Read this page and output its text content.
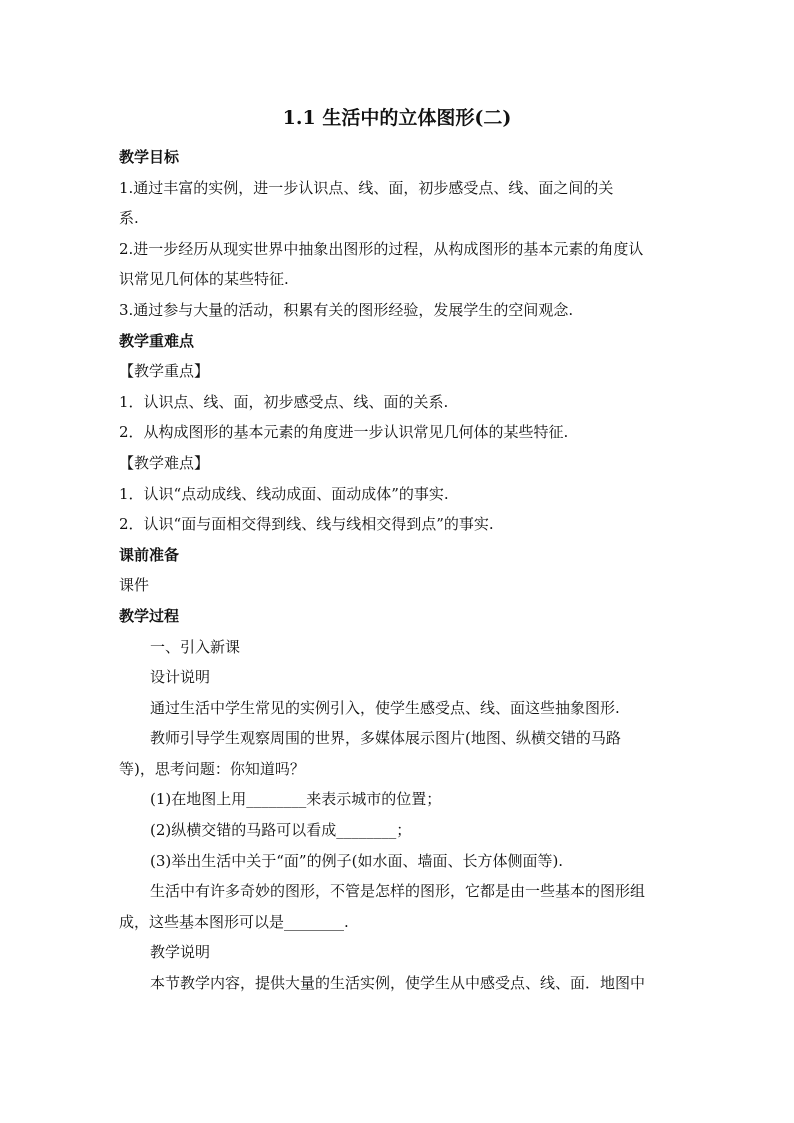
1.1 生活中的立体图形(二)
教学目标
1.通过丰富的实例，进一步认识点、线、面，初步感受点、线、面之间的关
系.
2.进一步经历从现实世界中抽象出图形的过程，从构成图形的基本元素的角度认
识常见几何体的某些特征.
3.通过参与大量的活动，积累有关的图形经验，发展学生的空间观念.
教学重难点
【教学重点】
1．认识点、线、面，初步感受点、线、面的关系.
2．从构成图形的基本元素的角度进一步认识常见几何体的某些特征.
【教学难点】
1．认识“点动成线、线动成面、面动成体”的事实.
2．认识“面与面相交得到线、线与线相交得到点”的事实.
课前准备
课件
教学过程
一、引入新课
设计说明
通过生活中学生常见的实例引入，使学生感受点、线、面这些抽象图形.
教师引导学生观察周围的世界，多媒体展示图片(地图、纵横交错的马路
等)，思考问题：你知道吗？
(1)在地图上用________来表示城市的位置；
(2)纵横交错的马路可以看成________；
(3)举出生活中关于“面”的例子(如水面、墙面、长方体侧面等).
生活中有许多奇妙的图形，不管是怎样的图形，它都是由一些基本的图形组
成，这些基本图形可以是________.
教学说明
本节教学内容，提供大量的生活实例，使学生从中感受点、线、面．地图中
